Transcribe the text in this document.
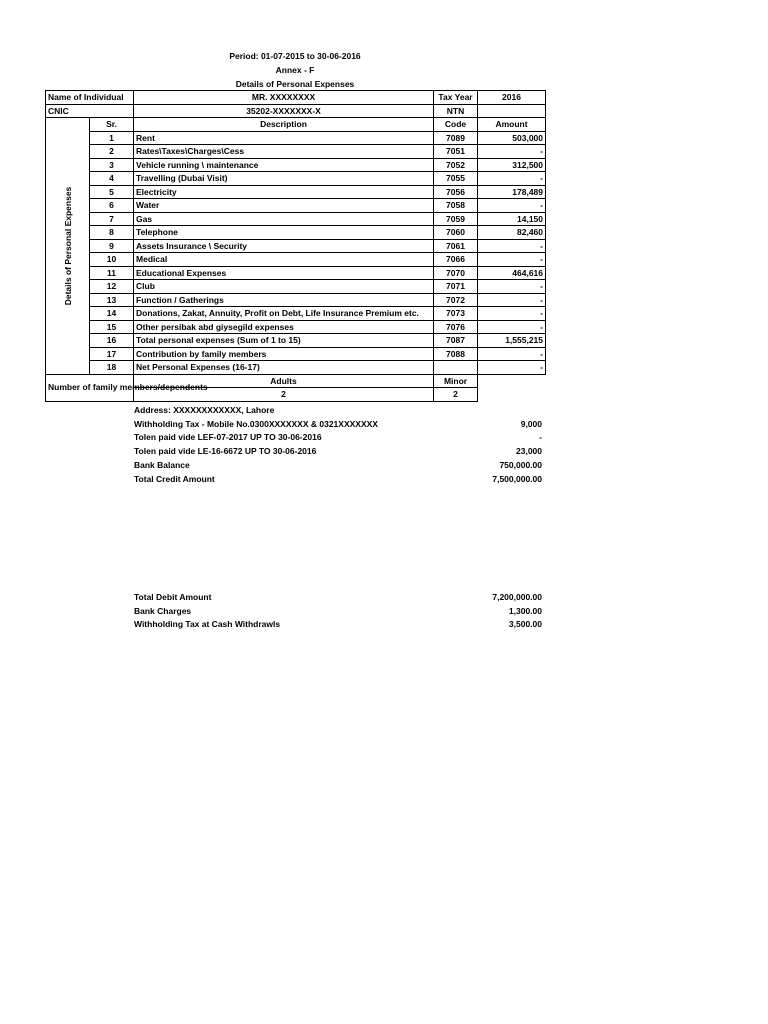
Period: 01-07-2015 to 30-06-2016
Annex - F
Details of Personal Expenses
Name of Individual		MR. XXXXXXXX	Tax Year	2016
CNIC		35202-XXXXXXX-X	NTN	

Details of Personal Expenses	Sr.	Description	Code	Amount
	1	Rent	7089	503,000
	2	Rates\Taxes\Charges\Cess	7051	-
	3	Vehicle running \ maintenance	7052	312,500
	4	Travelling (Dubai Visit)	7055	-
	5	Electricity	7056	178,489
	6	Water	7058	-
	7	Gas	7059	14,150
	8	Telephone	7060	82,460
	9	Assets Insurance \ Security	7061	-
	10	Medical	7066	-
	11	Educational Expenses	7070	464,616
	12	Club	7071	-
	13	Function / Gatherings	7072	-
	14	Donations, Zakat, Annuity, Profit on Debt, Life Insurance Premium etc.	7073	-
	15	Other persibak abd giysegild expenses	7076	-
	16	Total personal expenses (Sum of 1 to 15)	7087	1,555,215
	17	Contribution by family members	7088	-
	18	Net Personal Expenses (16-17)		-
Number of family members/dependents		Adults	Minor	
		2	2	
Address: XXXXXXXXXXXX, Lahore
Withholding Tax - Mobile No.0300XXXXXXX & 0321XXXXXXX	9,000
Tolen paid vide LEF-07-2017 UP TO 30-06-2016	-
Tolen paid vide LE-16-6672 UP TO 30-06-2016	23,000
Bank Balance	750,000.00
Total Credit Amount	7,500,000.00
Total Debit Amount	7,200,000.00
Bank Charges	1,300.00
Withholding Tax at Cash Withdrawls	3,500.00
